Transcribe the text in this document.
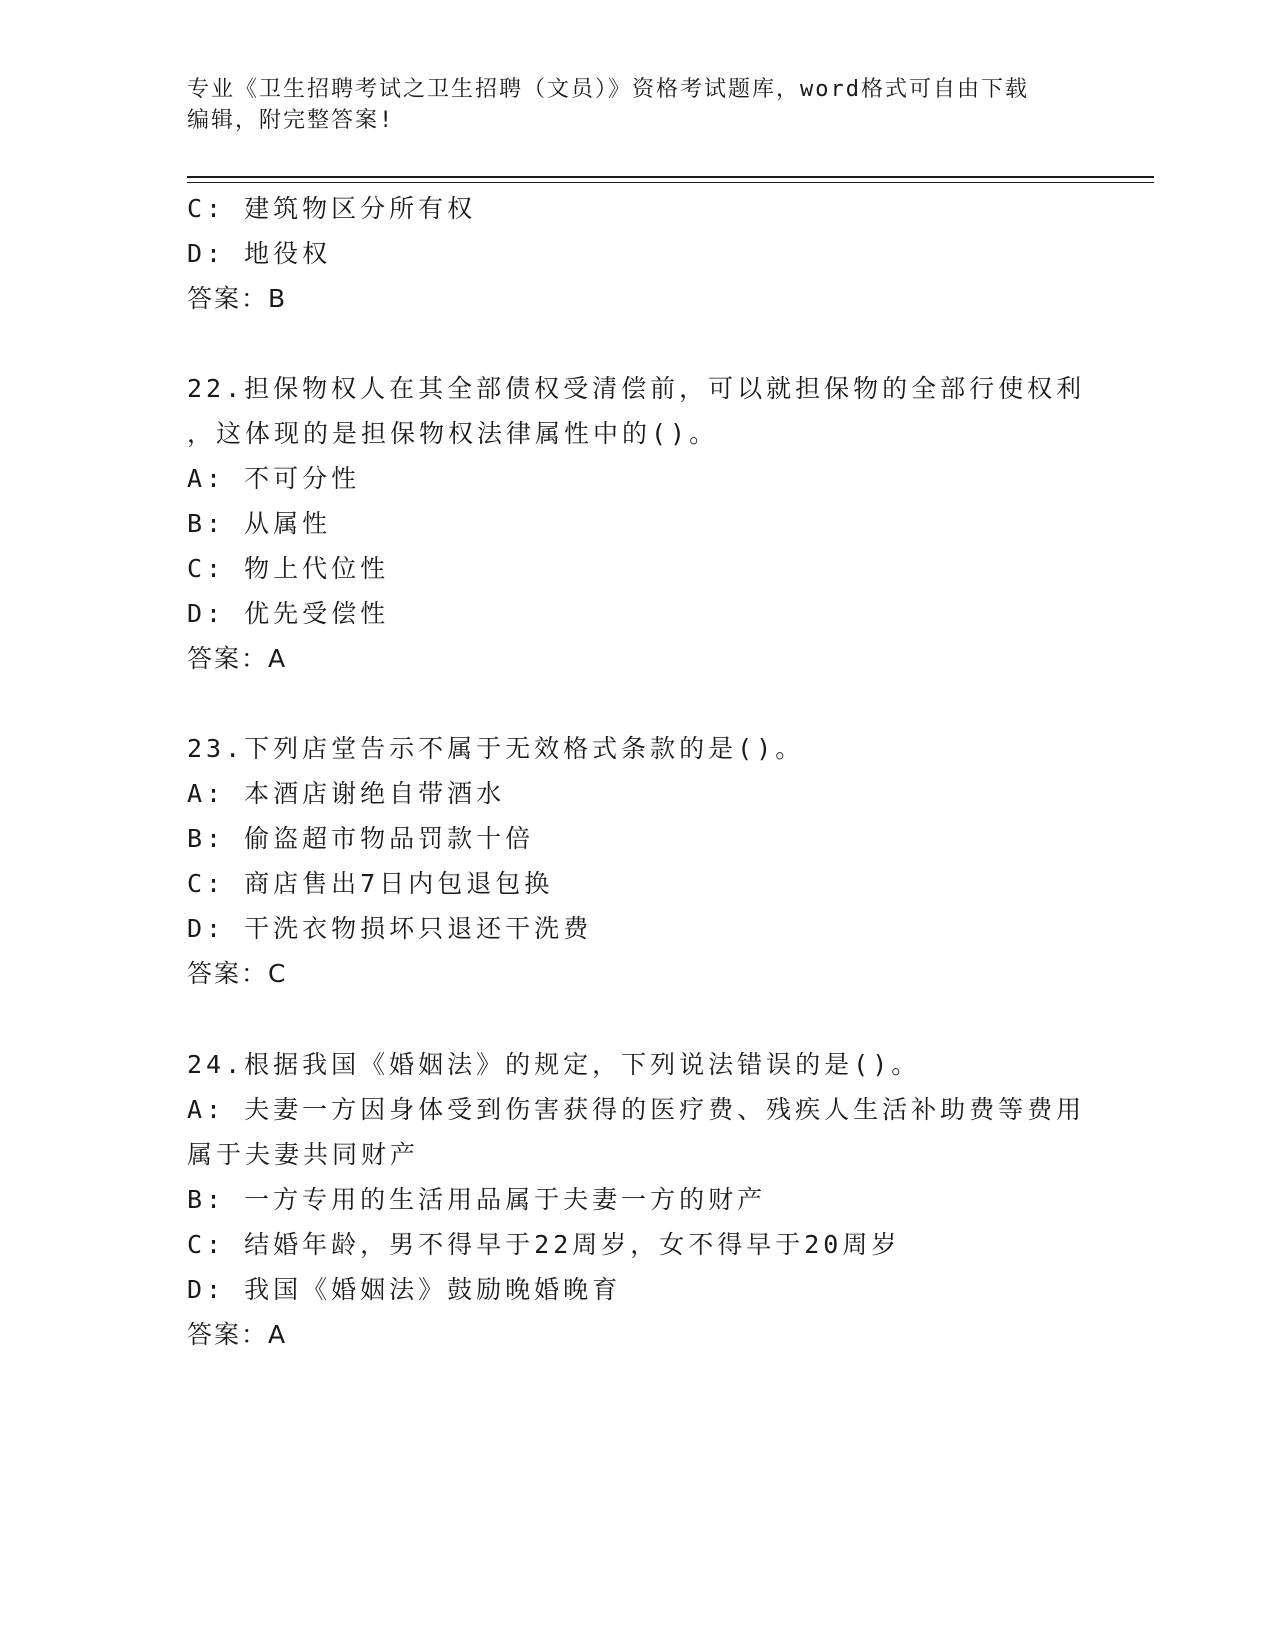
专业《卫生招聘考试之卫生招聘（文员）》资格考试题库，word格式可自由下载
编辑，附完整答案!
C: 建筑物区分所有权
D: 地役权
答案：B
22.担保物权人在其全部债权受清偿前，可以就担保物的全部行使权利
，这体现的是担保物权法律属性中的()。
A: 不可分性
B: 从属性
C: 物上代位性
D: 优先受偿性
答案：A
23.下列店堂告示不属于无效格式条款的是()。
A: 本酒店谢绝自带酒水
B: 偷盗超市物品罚款十倍
C: 商店售出7日内包退包换
D: 干洗衣物损坏只退还干洗费
答案：C
24.根据我国《婚姻法》的规定，下列说法错误的是()。
A: 夫妻一方因身体受到伤害获得的医疗费、残疾人生活补助费等费用
属于夫妻共同财产
B: 一方专用的生活用品属于夫妻一方的财产
C: 结婚年龄，男不得早于22周岁，女不得早于20周岁
D: 我国《婚姻法》鼓励晚婚晚育
答案：A
